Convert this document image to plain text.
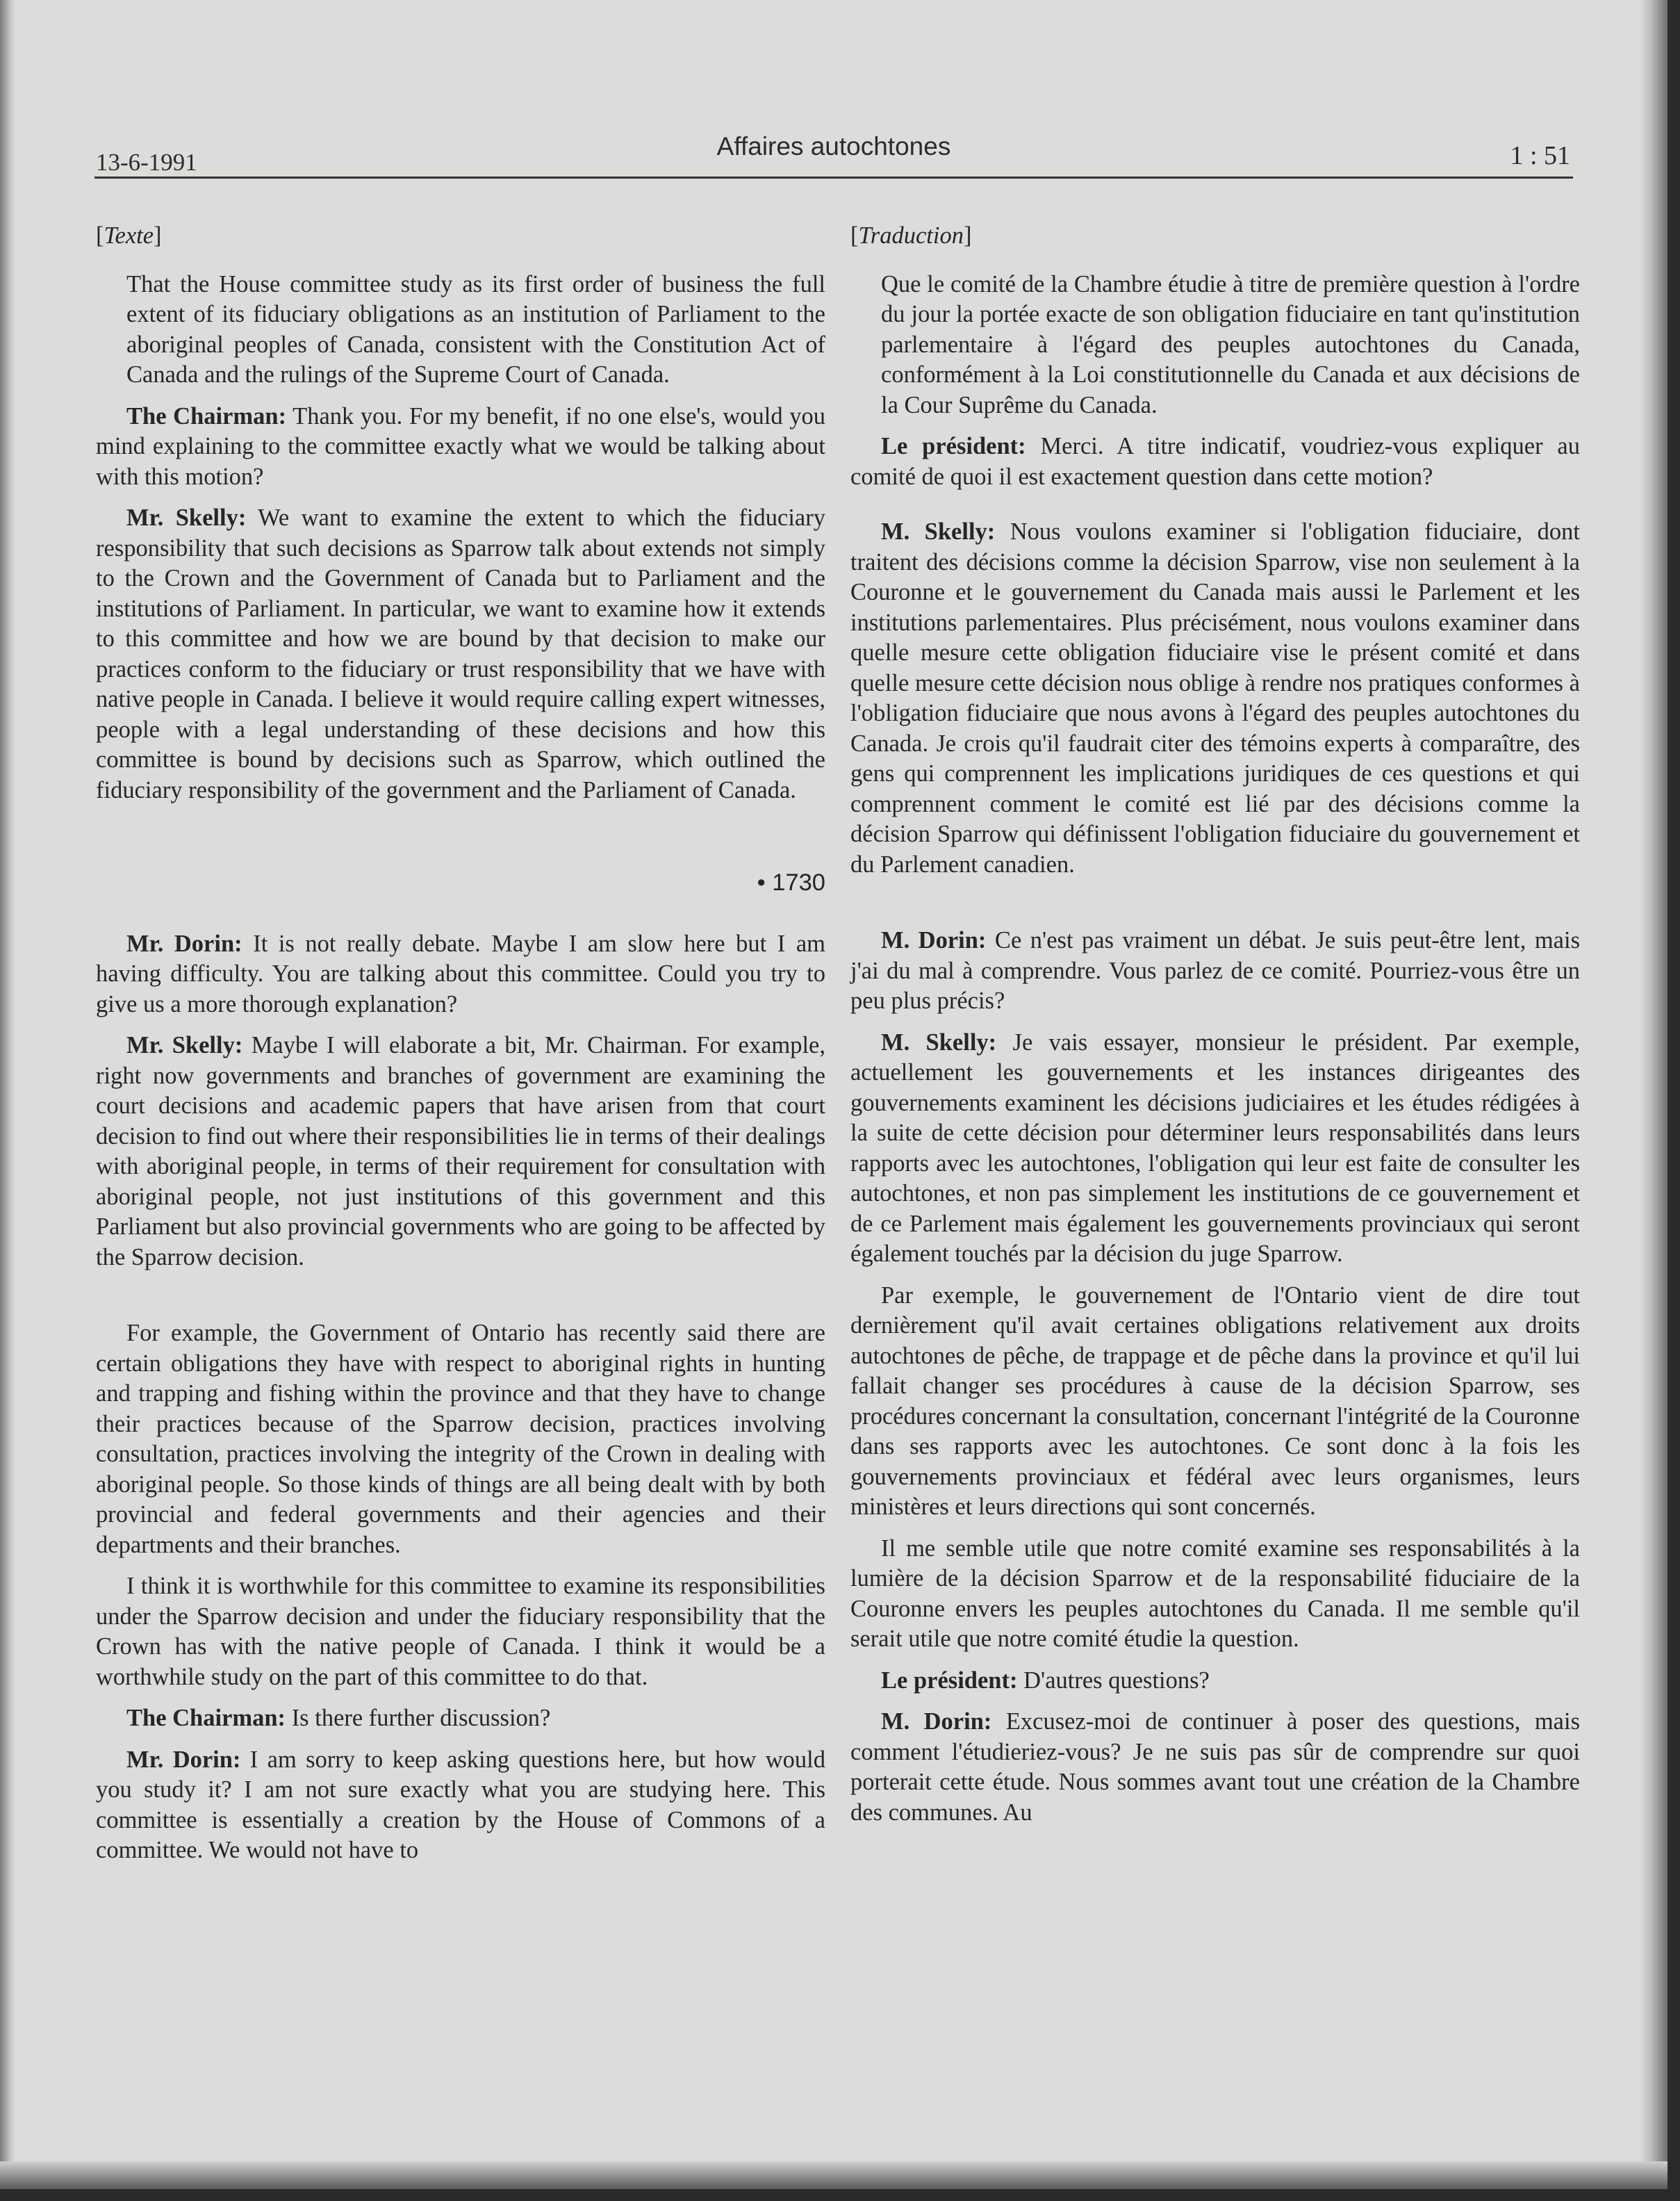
13-6-1991
Affaires autochtones	1 : 51
[Texte]

That the House committee study as its first order of business the full extent of its fiduciary obligations as an institution of Parliament to the aboriginal peoples of Canada, consistent with the Constitution Act of Canada and the rulings of the Supreme Court of Canada.

The Chairman: Thank you. For my benefit, if no one else's, would you mind explaining to the committee exactly what we would be talking about with this motion?

Mr. Skelly: We want to examine the extent to which the fiduciary responsibility that such decisions as Sparrow talk about extends not simply to the Crown and the Government of Canada but to Parliament and the institutions of Parliament. In particular, we want to examine how it extends to this committee and how we are bound by that decision to make our practices conform to the fiduciary or trust responsibility that we have with native people in Canada. I believe it would require calling expert witnesses, people with a legal understanding of these decisions and how this committee is bound by decisions such as Sparrow, which outlined the fiduciary responsibility of the government and the Parliament of Canada.

• 1730

Mr. Dorin: It is not really debate. Maybe I am slow here but I am having difficulty. You are talking about this committee. Could you try to give us a more thorough explanation?

Mr. Skelly: Maybe I will elaborate a bit, Mr. Chairman. For example, right now governments and branches of government are examining the court decisions and academic papers that have arisen from that court decision to find out where their responsibilities lie in terms of their dealings with aboriginal people, in terms of their requirement for consultation with aboriginal people, not just institutions of this government and this Parliament but also provincial governments who are going to be affected by the Sparrow decision.

For example, the Government of Ontario has recently said there are certain obligations they have with respect to aboriginal rights in hunting and trapping and fishing within the province and that they have to change their practices because of the Sparrow decision, practices involving consultation, practices involving the integrity of the Crown in dealing with aboriginal people. So those kinds of things are all being dealt with by both provincial and federal governments and their agencies and their departments and their branches.

I think it is worthwhile for this committee to examine its responsibilities under the Sparrow decision and under the fiduciary responsibility that the Crown has with the native people of Canada. I think it would be a worthwhile study on the part of this committee to do that.

The Chairman: Is there further discussion?

Mr. Dorin: I am sorry to keep asking questions here, but how would you study it? I am not sure exactly what you are studying here. This committee is essentially a creation by the House of Commons of a committee. We would not have to

[Traduction]

Que le comité de la Chambre étudie à titre de première question à l'ordre du jour la portée exacte de son obligation fiduciaire en tant qu'institution parlementaire à l'égard des peuples autochtones du Canada, conformément à la Loi constitutionnelle du Canada et aux décisions de la Cour Suprême du Canada.

Le président: Merci. A titre indicatif, voudriez-vous expliquer au comité de quoi il est exactement question dans cette motion?

M. Skelly: Nous voulons examiner si l'obligation fiduciaire, dont traitent des décisions comme la décision Sparrow, vise non seulement à la Couronne et le gouvernement du Canada mais aussi le Parlement et les institutions parlementaires. Plus précisément, nous voulons examiner dans quelle mesure cette obligation fiduciaire vise le présent comité et dans quelle mesure cette décision nous oblige à rendre nos pratiques conformes à l'obligation fiduciaire que nous avons à l'égard des peuples autochtones du Canada. Je crois qu'il faudrait citer des témoins experts à comparaître, des gens qui comprennent les implications juridiques de ces questions et qui comprennent comment le comité est lié par des décisions comme la décision Sparrow qui définissent l'obligation fiduciaire du gouvernement et du Parlement canadien.

M. Dorin: Ce n'est pas vraiment un débat. Je suis peut-être lent, mais j'ai du mal à comprendre. Vous parlez de ce comité. Pourriez-vous être un peu plus précis?

M. Skelly: Je vais essayer, monsieur le président. Par exemple, actuellement les gouvernements et les instances dirigeantes des gouvernements examinent les décisions judiciaires et les études rédigées à la suite de cette décision pour déterminer leurs responsabilités dans leurs rapports avec les autochtones, l'obligation qui leur est faite de consulter les autochtones, et non pas simplement les institutions de ce gouvernement et de ce Parlement mais également les gouvernements provinciaux qui seront également touchés par la décision du juge Sparrow.

Par exemple, le gouvernement de l'Ontario vient de dire tout dernièrement qu'il avait certaines obligations relativement aux droits autochtones de pêche, de trappage et de pêche dans la province et qu'il lui fallait changer ses procédures à cause de la décision Sparrow, ses procédures concernant la consultation, concernant l'intégrité de la Couronne dans ses rapports avec les autochtones. Ce sont donc à la fois les gouvernements provinciaux et fédéral avec leurs organismes, leurs ministères et leurs directions qui sont concernés.

Il me semble utile que notre comité examine ses responsabilités à la lumière de la décision Sparrow et de la responsabilité fiduciaire de la Couronne envers les peuples autochtones du Canada. Il me semble qu'il serait utile que notre comité étudie la question.

Le président: D'autres questions?

M. Dorin: Excusez-moi de continuer à poser des questions, mais comment l'étudieriez-vous? Je ne suis pas sûr de comprendre sur quoi porterait cette étude. Nous sommes avant tout une création de la Chambre des communes. Au
